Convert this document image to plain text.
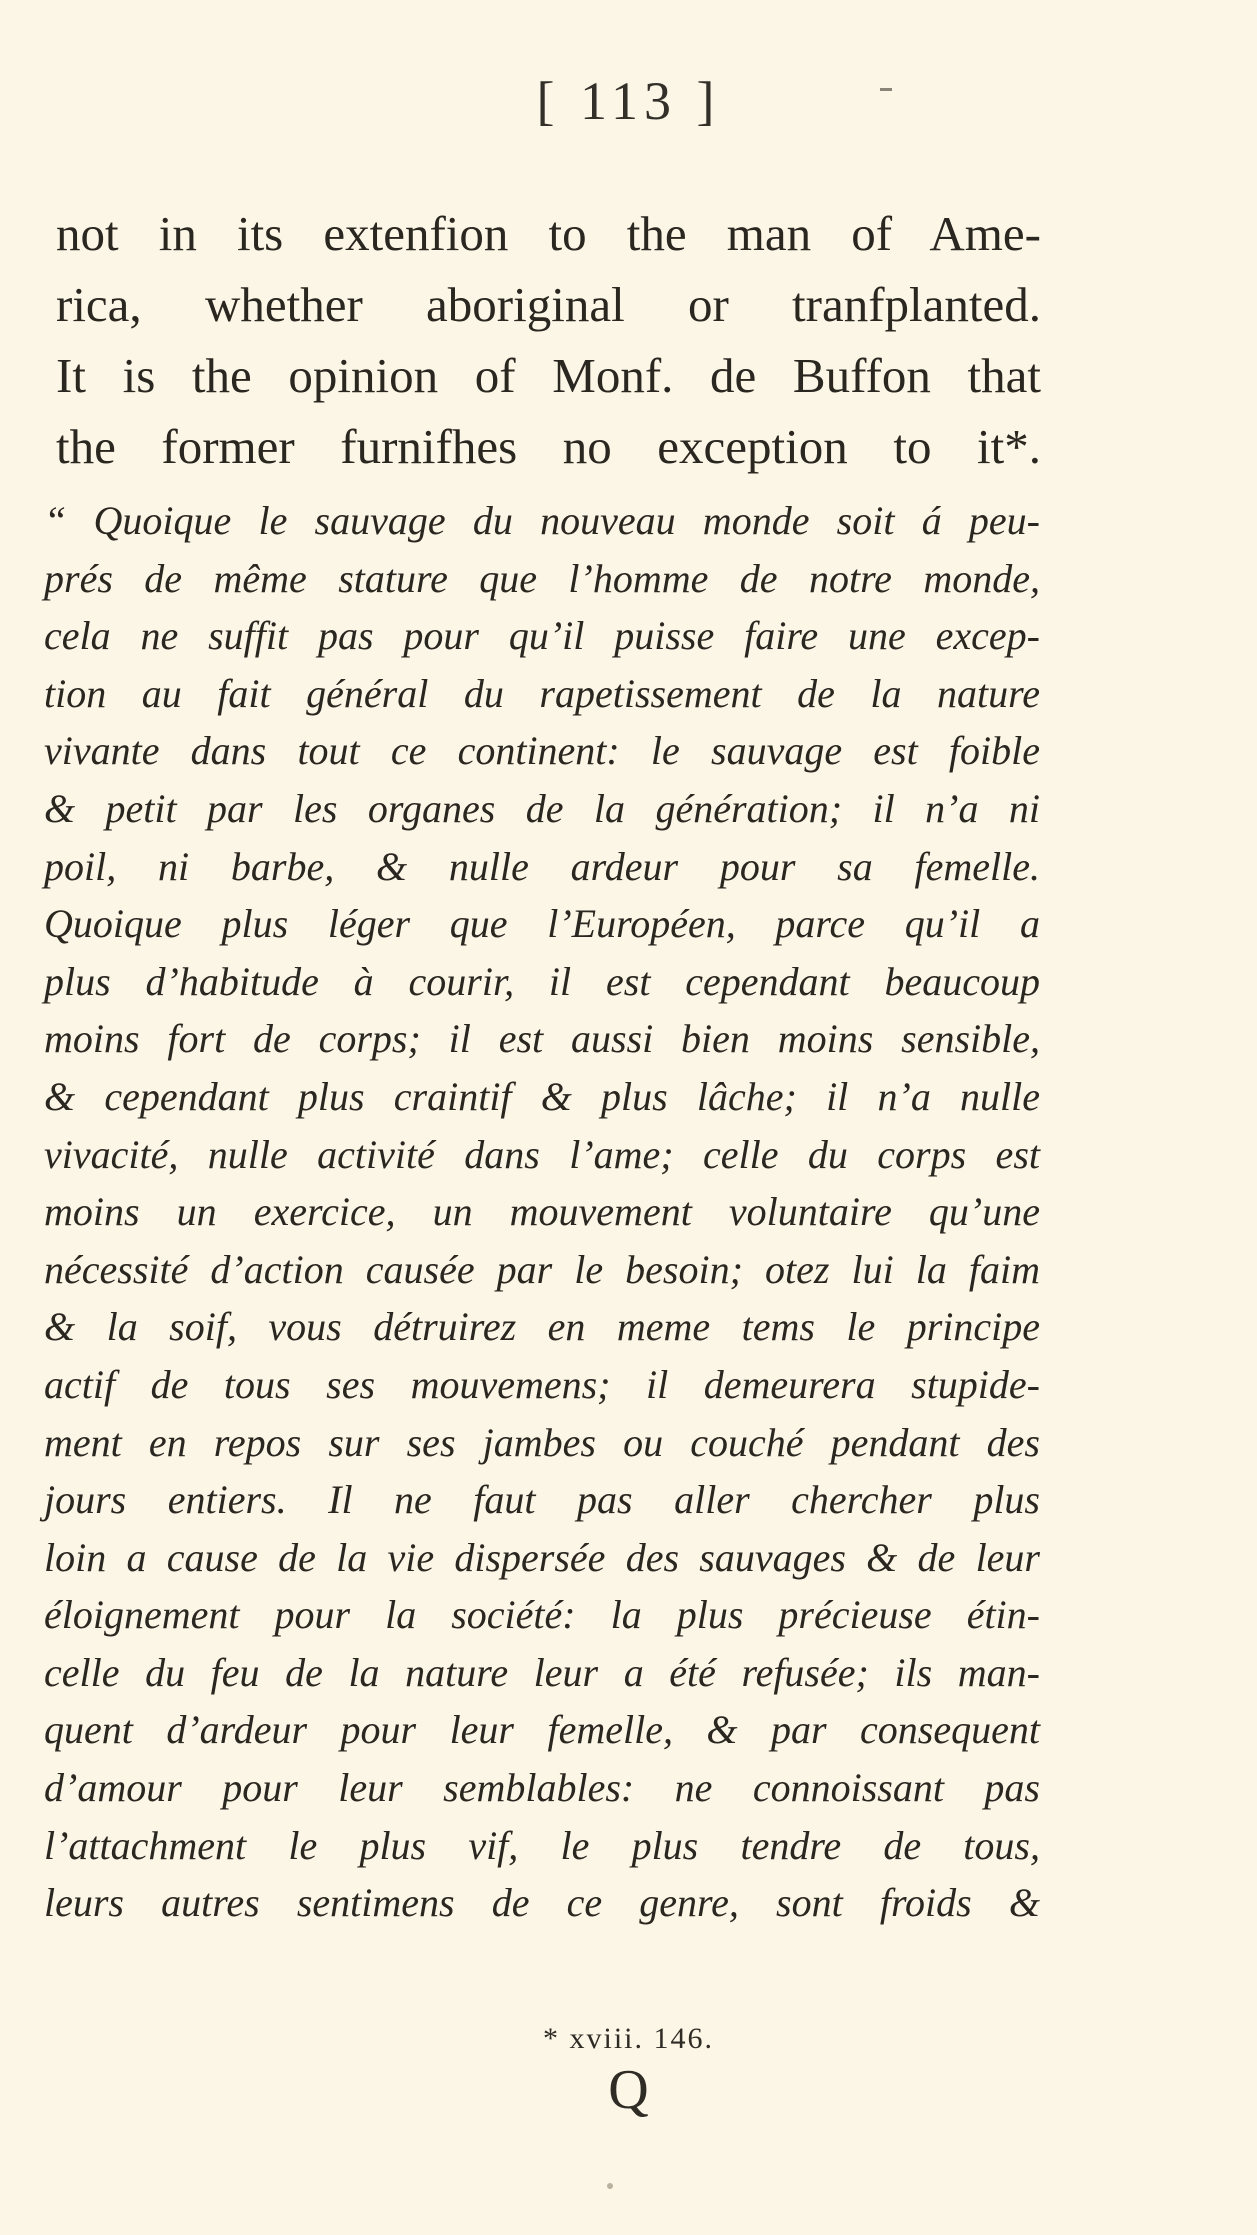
[ 113 ]
not in its extenfion to the man of Ame-
rica, whether aboriginal or tranfplanted.
It is the opinion of Monf. de Buffon that
the former furnifhes no exception to it*.
“ Quoique le sauvage du nouveau monde soit á peu-
prés de même stature que l’homme de notre monde,
cela ne suffit pas pour qu’il puisse faire une excep-
tion au fait général du rapetissement de la nature
vivante dans tout ce continent: le sauvage est foible
& petit par les organes de la génération; il n’a ni
poil, ni barbe, & nulle ardeur pour sa femelle.
Quoique plus léger que l’Européen, parce qu’il a
plus d’habitude à courir, il est cependant beaucoup
moins fort de corps; il est aussi bien moins sensible,
& cependant plus craintif & plus lâche; il n’a nulle
vivacité, nulle activité dans l’ame; celle du corps est
moins un exercice, un mouvement voluntaire qu’une
nécessité d’action causée par le besoin; otez lui la faim
& la soif, vous détruirez en meme tems le principe
actif de tous ses mouvemens; il demeurera stupide-
ment en repos sur ses jambes ou couché pendant des
jours entiers. Il ne faut pas aller chercher plus
loin a cause de la vie dispersée des sauvages & de leur
éloignement pour la société: la plus précieuse étin-
celle du feu de la nature leur a été refusée; ils man-
quent d’ardeur pour leur femelle, & par consequent
d’amour pour leur semblables: ne connoissant pas
l’attachment le plus vif, le plus tendre de tous,
leurs autres sentimens de ce genre, sont froids &
* xviii. 146.
Q
